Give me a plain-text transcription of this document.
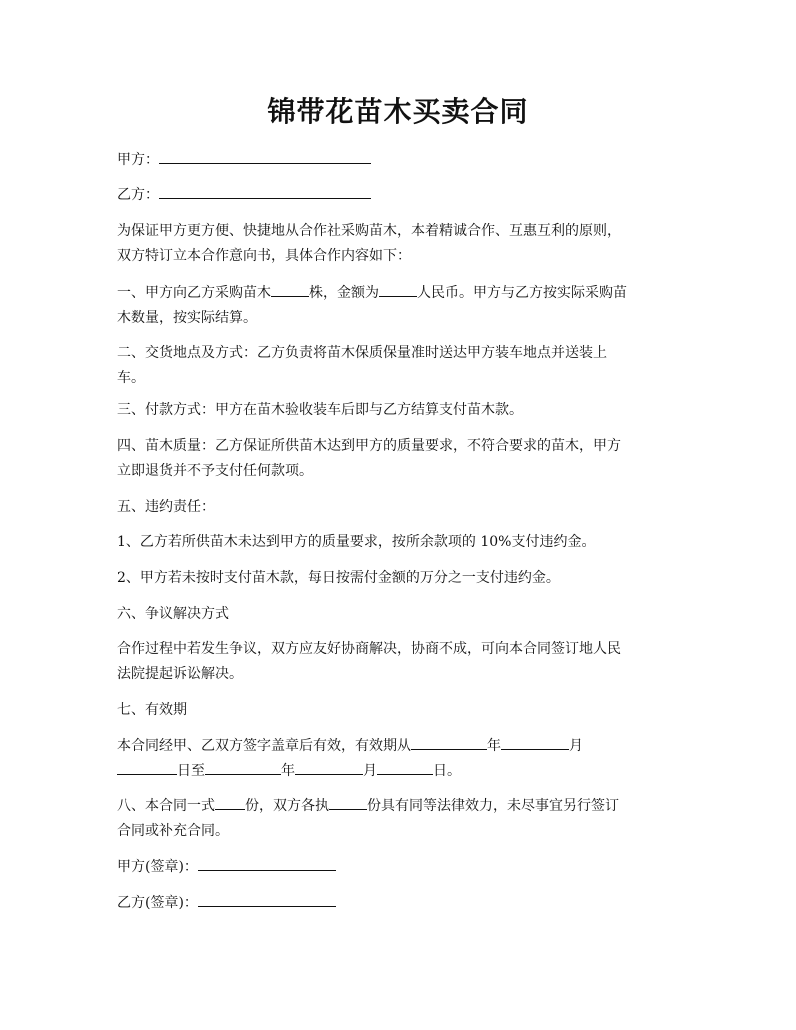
锦带花苗木买卖合同

甲方：

乙方：

为保证甲方更方便、快捷地从合作社采购苗木，本着精诚合作、互惠互利的原则，
双方特订立本合作意向书，具体合作内容如下：

一、甲方向乙方采购苗木	株，金额为	人民币。甲方与乙方按实际采购苗
木数量，按实际结算。

二、交货地点及方式：乙方负责将苗木保质保量准时送达甲方装车地点并送装上
车。

三、付款方式：甲方在苗木验收装车后即与乙方结算支付苗木款。

四、苗木质量：乙方保证所供苗木达到甲方的质量要求，不符合要求的苗木，甲方
立即退货并不予支付任何款项。

五、违约责任：

1、乙方若所供苗木未达到甲方的质量要求，按所余款项的 10%支付违约金。

2、甲方若未按时支付苗木款，每日按需付金额的万分之一支付违约金。

六、争议解决方式

合作过程中若发生争议，双方应友好协商解决，协商不成，可向本合同签订地人民
法院提起诉讼解决。

七、有效期

本合同经甲、乙双方签字盖章后有效，有效期从	年	月
日至	年	月	日。

八、本合同一式 份，双方各执	份具有同等法律效力，未尽事宜另行签订
合同或补充合同。

甲方(签章)：

乙方(签章)：
